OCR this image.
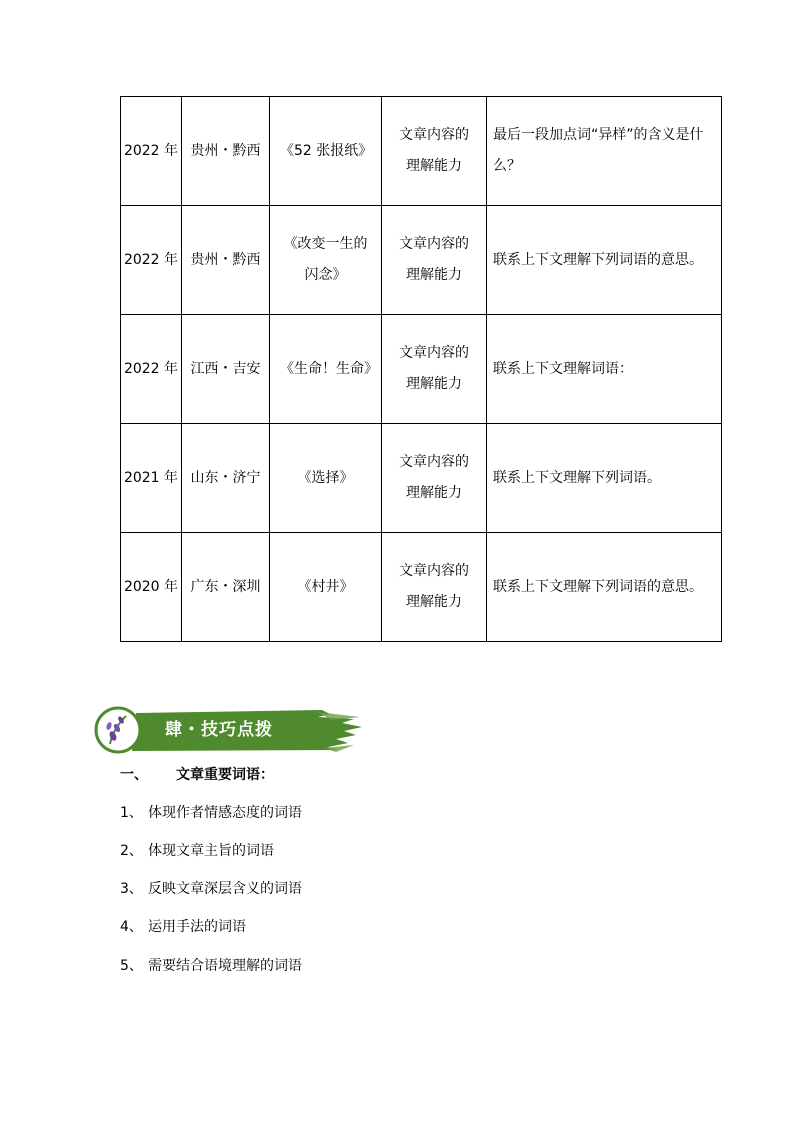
2022 年	贵州・黔西	《52 张报纸》	文章内容的理解能力	最后一段加点词“异样”的含义是什么？
2022 年	贵州・黔西	《改变一生的闪念》	文章内容的理解能力	联系上下文理解下列词语的意思。
2022 年	江西・吉安	《生命！生命》	文章内容的理解能力	联系上下文理解词语：
2021 年	山东・济宁	《选择》	文章内容的理解能力	联系上下文理解下列词语。
2020 年	广东・深圳	《村井》	文章内容的理解能力	联系上下文理解下列词语的意思。
肆・技巧点拨
一、 文章重要词语：
1、 体现作者情感态度的词语
2、 体现文章主旨的词语
3、 反映文章深层含义的词语
4、 运用手法的词语
5、 需要结合语境理解的词语
